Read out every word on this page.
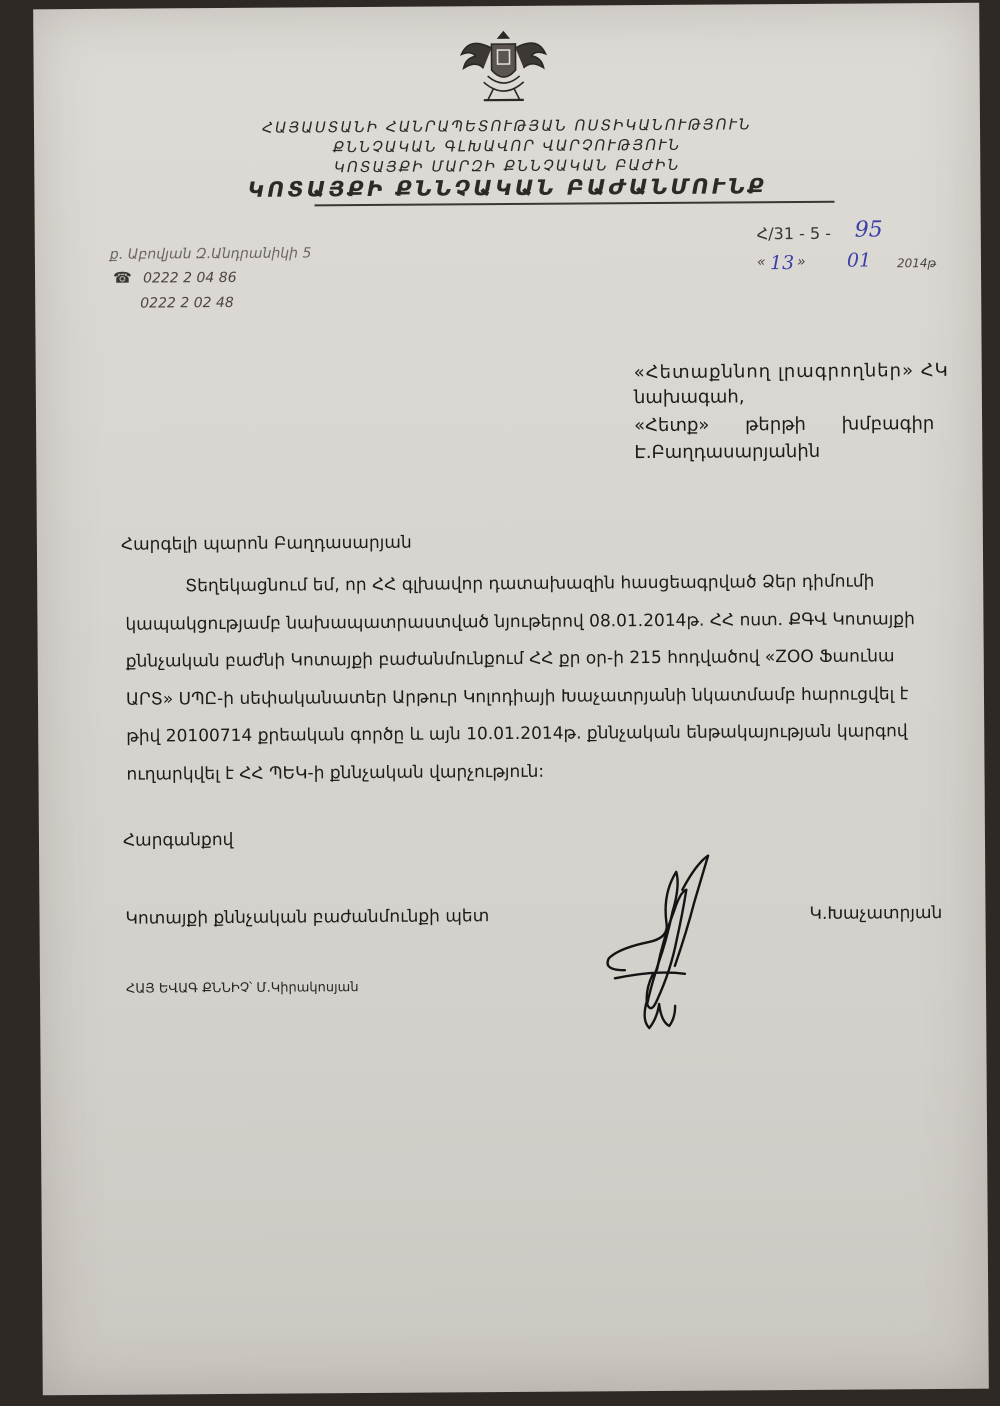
ՀԱՅԱՍՏԱՆԻ ՀԱՆՐԱՊԵՏՈՒԹՅԱՆ ՈՍՏԻԿԱՆՈՒԹՅՈՒՆ
ՔՆՆՉԱԿԱՆ ԳԼԽԱՎՈՐ ՎԱՐՉՈՒԹՅՈՒՆ
ԿՈՏԱՅՔԻ ՄԱՐԶԻ ՔՆՆՉԱԿԱՆ ԲԱԺԻՆ
ԿՈՏԱՅՔԻ ՔՆՆՉԱԿԱՆ ԲԱԺԱՆՄՈՒՆՔ
ք. Աբովյան Զ.Անդրանիկի 5
☎ 0222 2 04 86
0222 2 02 48
Հ/31 - 5 - 95
« 13 » 01 2014թ
«Հետաքննող լրագրողներ» ՀԿ
նախագահ,
«Հետք» թերթի խմբագիր
Է.Բաղդասարյանին
Հարգելի պարոն Բաղդասարյան
Տեղեկացնում եմ, որ ՀՀ գլխավոր դատախազին հասցեագրված Ձեր դիմումի
կապակցությամբ նախապատրաստված նյութերով 08.01.2014թ. ՀՀ ոստ. ՔԳՎ Կոտայքի
քննչական բաժնի Կոտայքի բաժանմունքում ՀՀ քր օր-ի 215 հոդվածով «ZOO Ֆաունա
ԱՐՏ» ՍՊԸ-ի սեփականատեր Արթուր Կոլոդիայի Խաչատրյանի նկատմամբ հարուցվել է
թիվ 20100714 քրեական գործը և այն 10.01.2014թ. քննչական ենթակայության կարգով
ուղարկվել է ՀՀ ՊԵԿ-ի քննչական վարչություն:
Հարգանքով
Կոտայքի քննչական բաժանմունքի պետ	Կ.Խաչատրյան
ՀԱՅ ԵՎԱԳ ՔՆՆԻՉ՝ Մ.Կիրակոսյան
